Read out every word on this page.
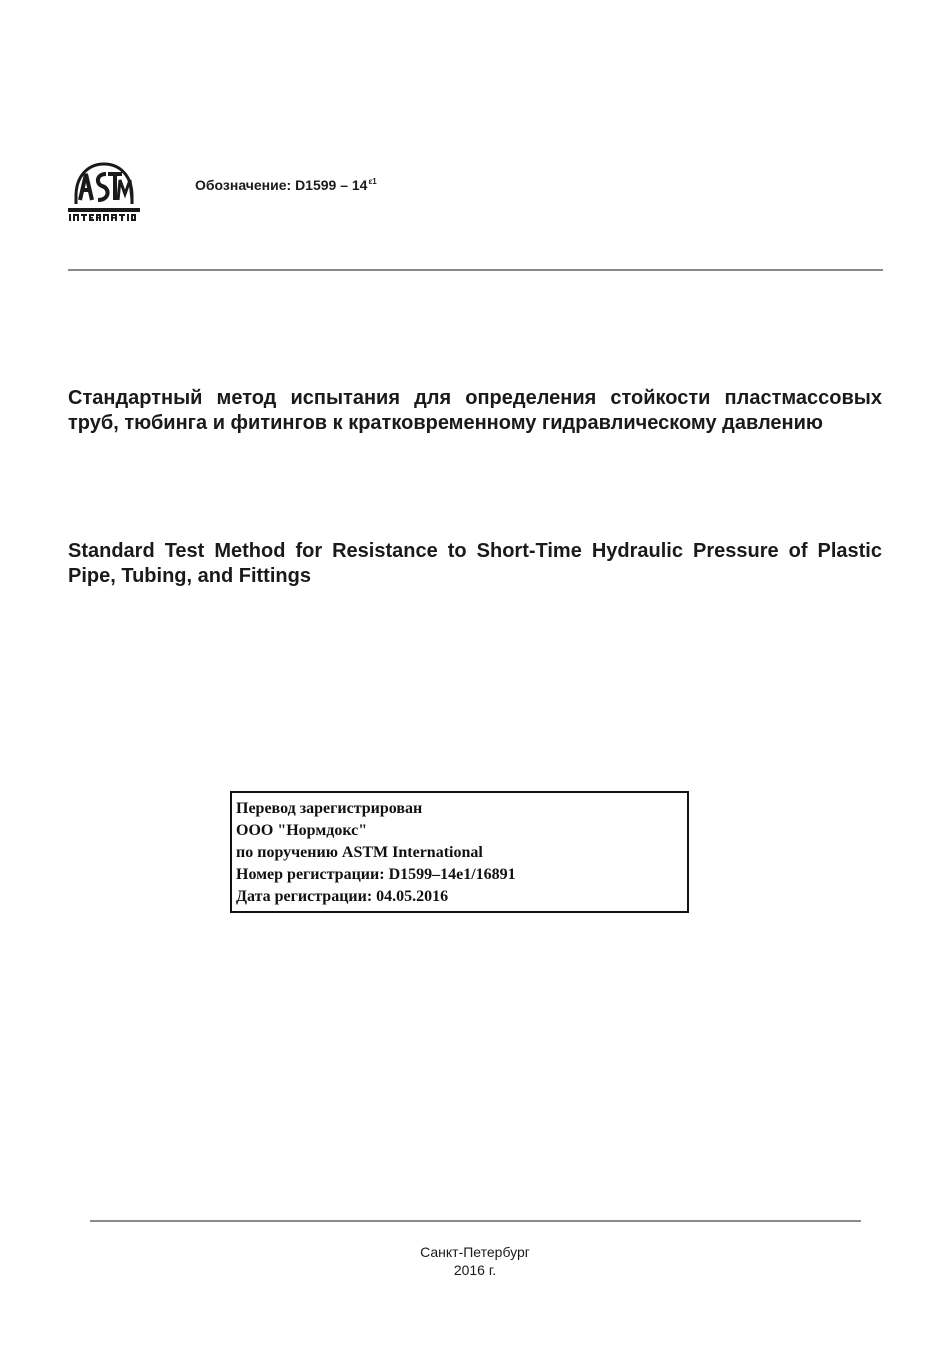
Обозначение: $D1599 - 14^{\varepsilon 1}$
Стандартный метод испытания для определения стойкости пластмассовых труб, тюбинга и фитингов к кратковременному гидравлическому давлению
Standard Test Method for Resistance to Short-Time Hydraulic Pressure of Plastic Pipe, Tubing, and Fittings
Перевод зарегистрирован
ООО "Нормдокс"
по поручению ASTM International
Номер регистрации: D1599–14e1/16891
Дата регистрации: 04.05.2016
Санкт-Петербург
2016 г.
